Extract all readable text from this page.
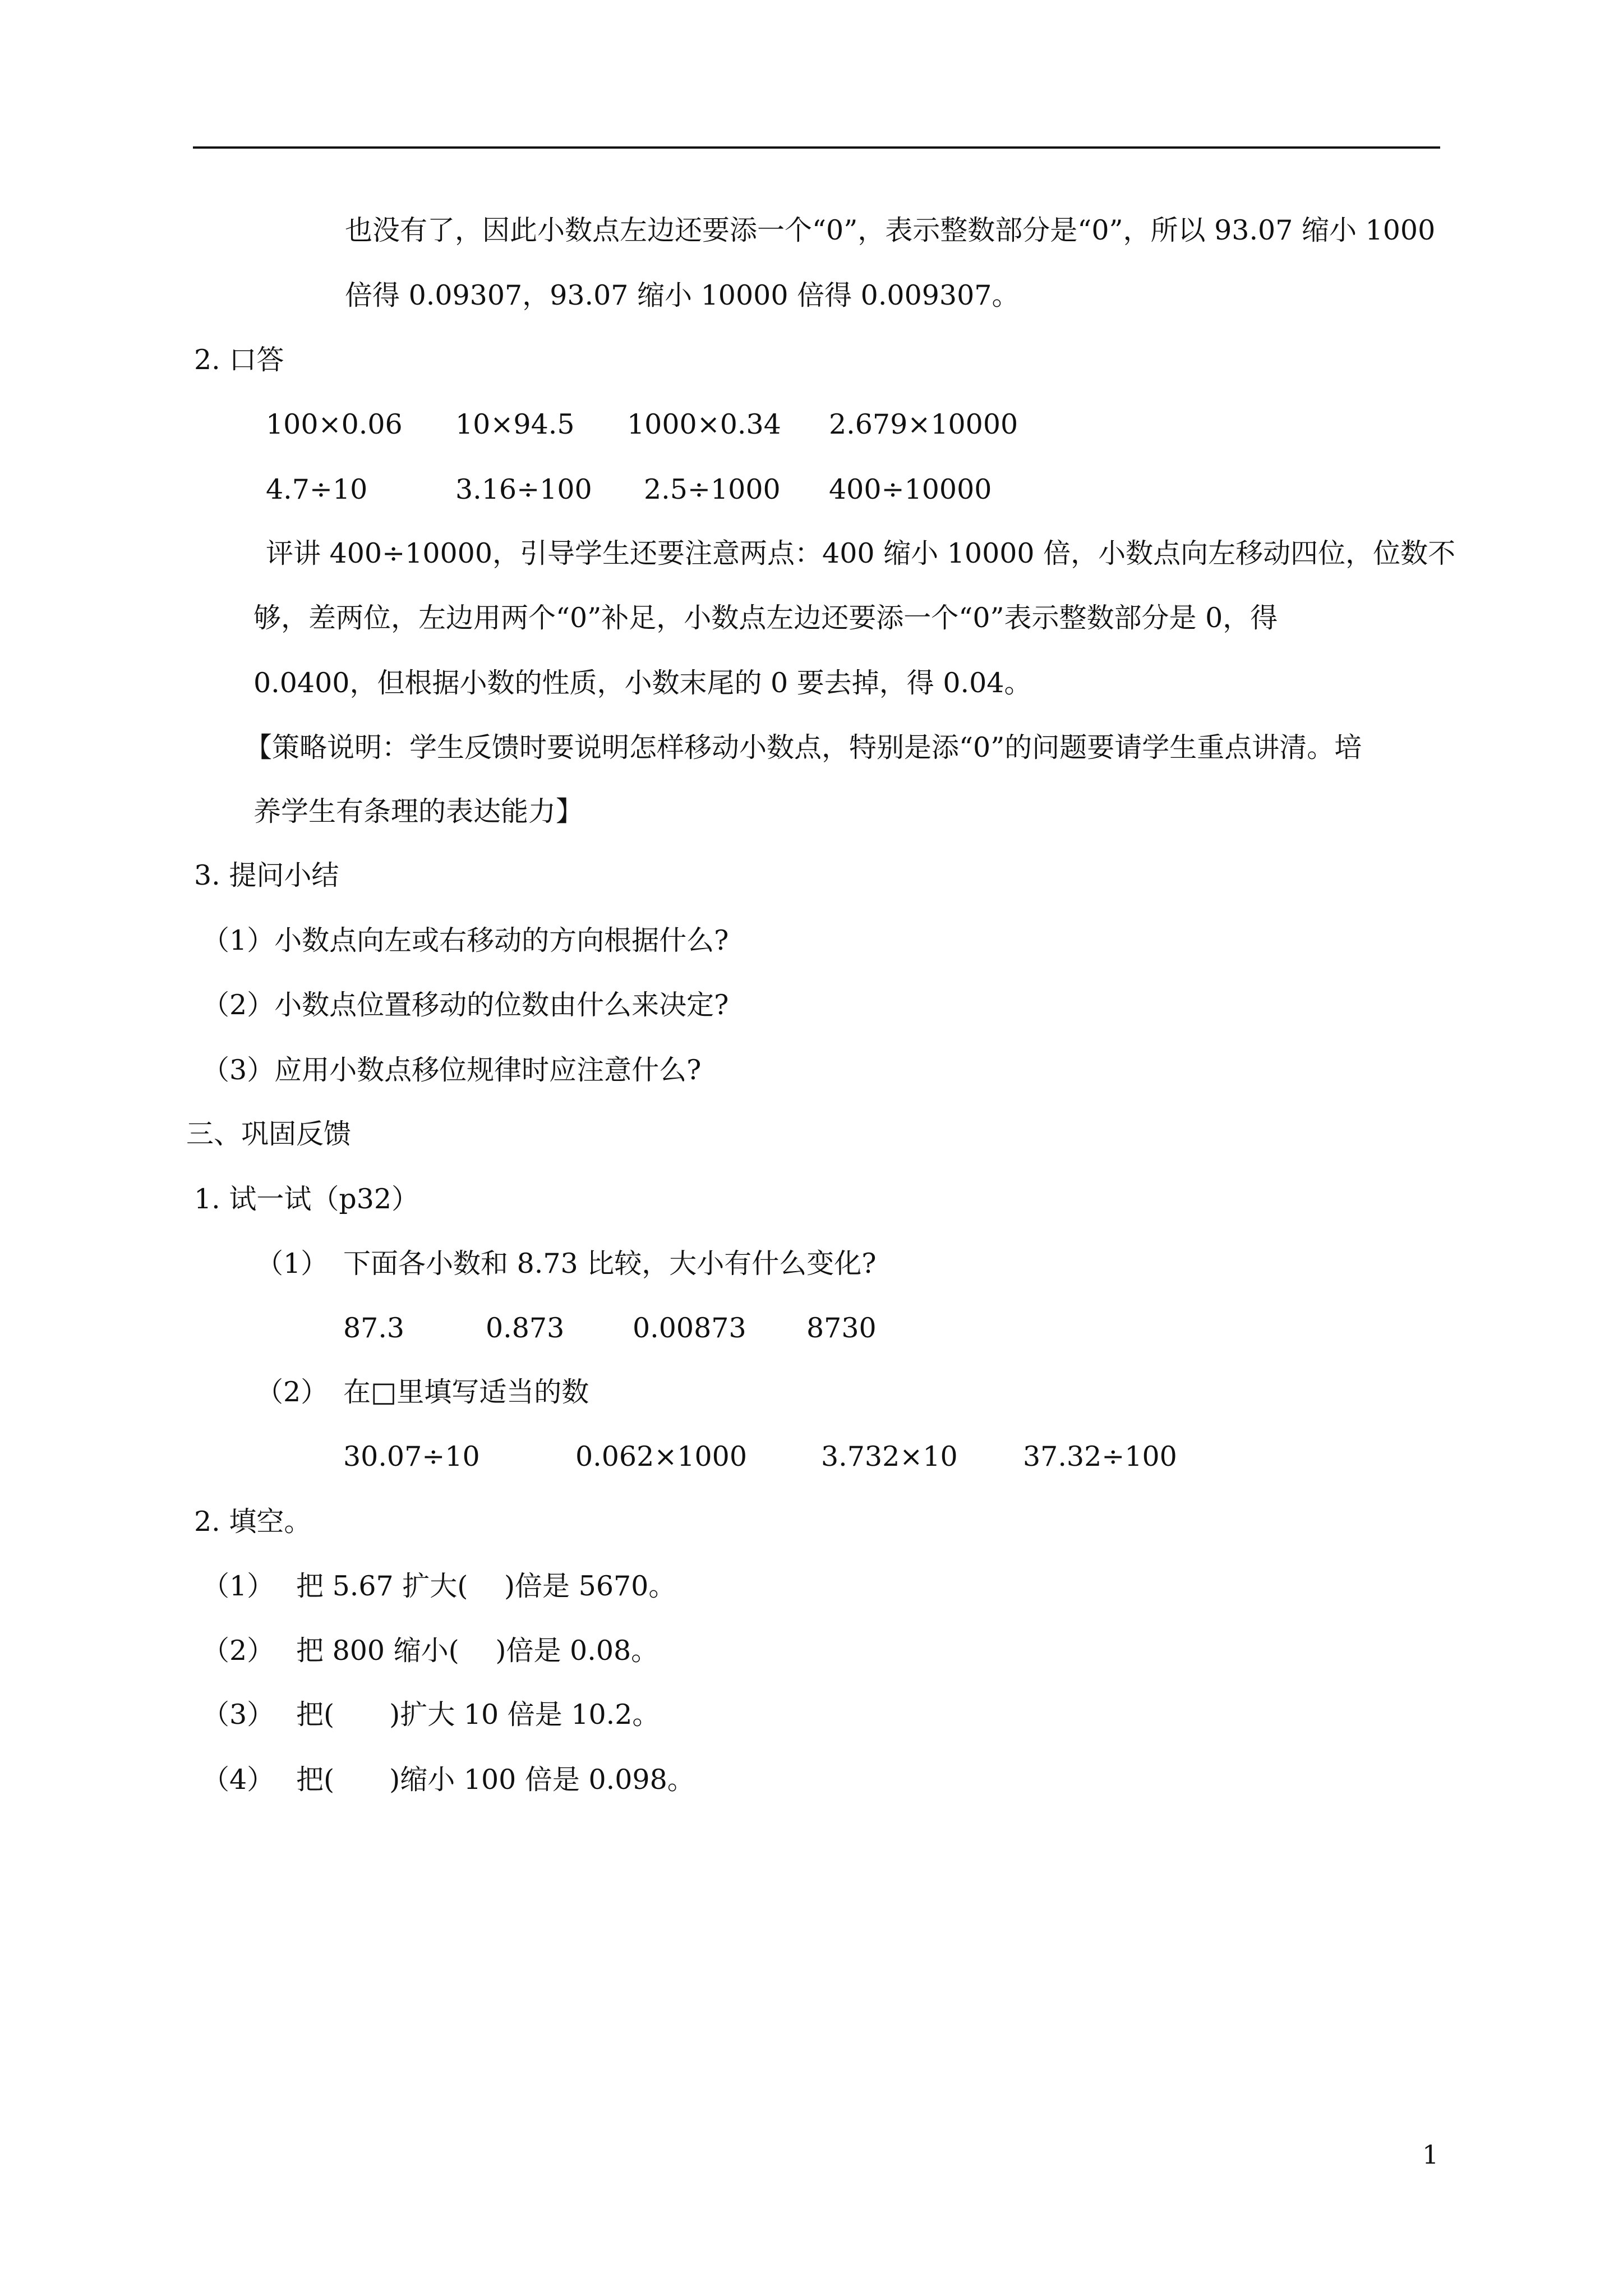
也没有了，因此小数点左边还要添一个“0”，表示整数部分是“0”，所以 93.07 缩小 1000
倍得 0.09307，93.07 缩小 10000 倍得 0.009307。
2. 口答
100×0.06 10×94.5 1000×0.34 2.679×10000
4.7÷10	3.16÷100 2.5÷1000 400÷10000
评讲 400÷10000，引导学生还要注意两点：400 缩小 10000 倍，小数点向左移动四位，位数不
够，差两位，左边用两个“0”补足，小数点左边还要添一个“0”表示整数部分是 0，得
0.0400，但根据小数的性质，小数末尾的 0 要去掉，得 0.04。
【策略说明：学生反馈时要说明怎样移动小数点，特别是添“0”的问题要请学生重点讲清。培
养学生有条理的表达能力】
3. 提问小结
（1）小数点向左或右移动的方向根据什么?
（2）小数点位置移动的位数由什么来决定?
（3）应用小数点移位规律时应注意什么?
三、巩固反馈
1. 试一试（p32）
（1） 下面各小数和 8.73 比较，大小有什么变化?
87.3	0.873 0.00873 8730
（2） 在□里填写适当的数
30.07÷10	0.062×1000	3.732×10 37.32÷100
2. 填空。
（1） 把 5.67 扩大(　 )倍是 5670。
（2） 把 800 缩小(　 )倍是 0.08。
（3） 把(　　)扩大 10 倍是 10.2。
（4） 把(　　)缩小 100 倍是 0.098。
1
